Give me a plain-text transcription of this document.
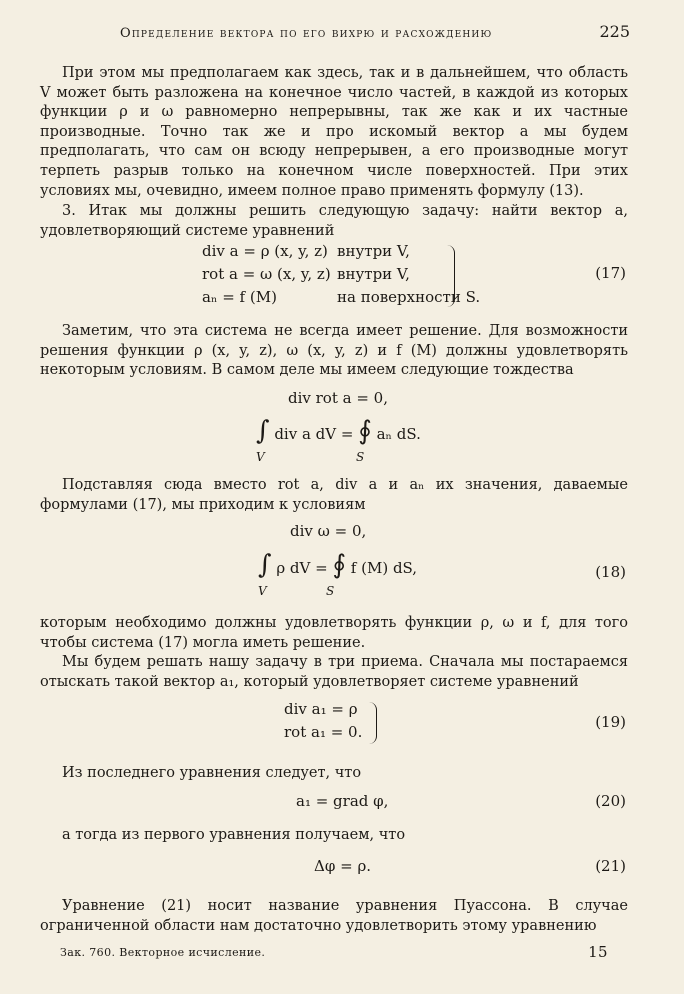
Определение вектора по его вихрю и расхождению	225
При этом мы предполагаем как здесь, так и в дальнейшем, что область V может быть разложена на конечное число частей, в каждой из которых функции ρ и ω равномерно непрерывны, так же как и их частные производные. Точно так же и про искомый вектор a мы будем предполагать, что сам он всюду непрерывен, а его производные могут терпеть разрыв только на конечном числе поверхностей. При этих условиях мы, очевидно, имеем полное право применять формулу (13).
3. Итак мы должны решить следующую задачу: найти вектор a, удовлетворяющий системе уравнений
div a = ρ (x, y, z) внутри V,
rot a = ω (x, y, z) внутри V,
aₙ = f (M)	на поверхности S.
(17)
Заметим, что эта система не всегда имеет решение. Для возможности решения функции ρ (x, y, z), ω (x, y, z) и f (M) должны удовлетворять некоторым условиям. В самом деле мы имеем следующие тождества
div rot a = 0,
∫ div a dV = ∮ aₙ dS.
V	S
Подставляя сюда вместо rot a, div a и aₙ их значения, даваемые формулами (17), мы приходим к условиям
div ω = 0,
∫ ρ dV = ∮ f (M) dS,
V	S
(18)
которым необходимо должны удовлетворять функции ρ, ω и f, для того чтобы система (17) могла иметь решение.
Мы будем решать нашу задачу в три приема. Сначала мы постараемся отыскать такой вектор a₁, который удовлетворяет системе уравнений
div a₁ = ρ
rot a₁ = 0.
(19)
Из последнего уравнения следует, что
a₁ = grad φ,	(20)
а тогда из первого уравнения получаем, что
Δφ = ρ.	(21)
Уравнение (21) носит название уравнения Пуассона. В случае ограниченной области нам достаточно удовлетворить этому уравнению
Зак. 760. Векторное исчисление.	15
